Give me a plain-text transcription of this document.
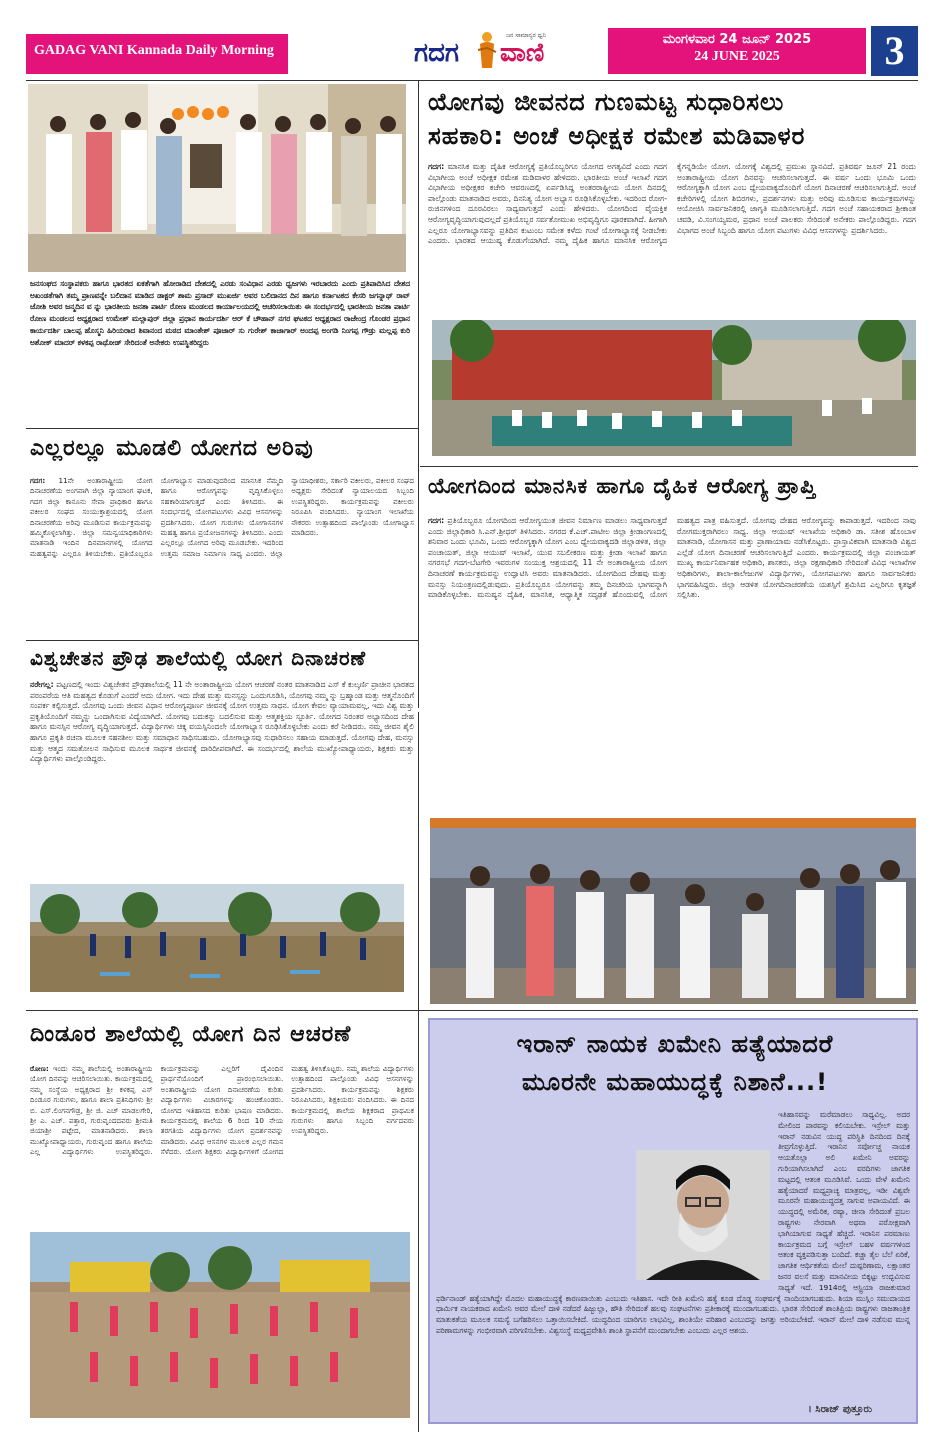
GADAG VANI Kannada Daily Morning	ಗದಗ ವಾಣಿ
ಜನ ಸಾಮಾನ್ಯರ ಧ್ವನಿ	ಮಂಗಳವಾರ 24 ಜೂನ್ 2025
24 JUNE 2025	3
ಜನಸಂಘದ ಸಂಸ್ಥಾಪಕರು ಹಾಗೂ ಭಾರತದ ಏಕತೆಗಾಗಿ ಹೋರಾಡಿದ ದೇಶದಲ್ಲಿ ಎರಡು ಸಂವಿಧಾನ ಎರಡು ಧ್ವಜಗಳು ಇರಬಾರದು ಎಂದು ಪ್ರತಿಪಾದಿಸಿದ ದೇಶದ ಅಖಂಡತೆಗಾಗಿ ತಮ್ಮ ಪ್ರಾಣವನ್ನೇ ಬಲಿದಾನ ಮಾಡಿದ ಡಾಕ್ಟರ್ ಶಾಮ ಪ್ರಸಾದ್ ಮುಖರ್ಜಿ ಅವರ ಬಲಿದಾನದ ದಿನ ಹಾಗೂ ಕರ್ನಾಟಕದ ಕೇಸರಿ ಜಗನ್ನಾಥ್ ರಾವ್ ಜೋಶಿ ಅವರ ಜನ್ಮದಿನ ವ ನ್ನು ಭಾರತೀಯ ಜನತಾ ಪಾರ್ಟಿ ರೋಣ ಮಂಡಲದ ಕಾರ್ಯಾಲಯದಲ್ಲಿ ಆಚರಿಸಲಾಯಿತು ಈ ಸಂದರ್ಭದಲ್ಲಿ ಭಾರತೀಯ ಜನತಾ ಪಾರ್ಟಿ ರೋಣ ಮಂಡಲದ ಅಧ್ಯಕ್ಷರಾದ ಉಮೇಶ್ ಮಲ್ಲಾಪುರ್ ಜಿಲ್ಲಾ ಪ್ರಧಾನ ಕಾರ್ಯದರ್ಶಿ ಆರ್ ಕೆ ಚೌಹಾನ್ ನಗರ ಘಟಕದ ಅಧ್ಯಕ್ಷರಾದ ರಾಜೇಂದ್ರ ಗೊಂಡರ ಪ್ರಧಾನ ಕಾರ್ಯದರ್ಶಿ ಬಾಲಪ್ಪ ಹೊಸ್ಮನಿ ಹಿರಿಯರಾದ ಶಿವಾನಂದ ಮಠದ ಮಾಂತೇಶ್ ಪೂಜಾರ್ ಸು ಗುರೇಶ್ ಕಾಜಾಗಾರ್ ಅಂದಪ್ಪ ಅಂಗಡಿ ನಿಂಗಪ್ಪ ಗೌಡ್ರು ಮಲ್ಲಪ್ಪ ಕುರಿ ಅಶೋಕ್ ಮಾದರ್ ಕಳಕಪ್ಪ ರಾಥೋಡ್ ಸೇರಿದಂತೆ ಅನೇಕರು ಉಪಸ್ಥಿತರಿದ್ದರು
ಯೋಗವು ಜೀವನದ ಗುಣಮಟ್ಟ ಸುಧಾರಿಸಲು
ಸಹಕಾರಿ: ಅಂಚೆ ಅಧೀಕ್ಷಕ ರಮೇಶ ಮಡಿವಾಳರ
ಗದಗ: ಮಾನಸಿಕ ಮತ್ತು ದೈಹಿಕ ಆರೋಗ್ಯಕ್ಕೆ ಪ್ರತಿಯೊಬ್ಬರಿಗೂ ಯೋಗದ ಅಗತ್ಯವಿದೆ ಎಂದು ಗದಗ ವಿಭಾಗೀಯ ಅಂಚೆ ಅಧೀಕ್ಷಕ ರಮೇಶ ಮಡಿವಾಳರ ಹೇಳಿದರು. ಭಾರತೀಯ ಅಂಚೆ ಇಲಾಖೆ ಗದಗ ವಿಭಾಗೀಯ ಅಧೀಕ್ಷಕರ ಕಚೇರಿ ಆವರಣದಲ್ಲಿ ಏರ್ಪಡಿಸಿದ್ದ ಅಂತರರಾಷ್ಟ್ರೀಯ ಯೋಗ ದಿನದಲ್ಲಿ ಪಾಲ್ಗೊಂಡು ಮಾತನಾಡಿದ ಅವರು, ದಿನನಿತ್ಯ ಯೋಗ ಅಭ್ಯಾಸ ರೂಢಿಸಿಕೊಳ್ಳಬೇಕು. ಇದರಿಂದ ರೋಗ-ರುಜಿನಗಳಿಂದ ದೂರವಿರಲು ಸಾಧ್ಯವಾಗುತ್ತದೆ ಎಂದು ಹೇಳಿದರು. ಯೋಗದಿಂದ ವೈಯಕ್ತಿಕ ಆರೋಗ್ಯವೃದ್ಧಿಯಾಗುವುದಲ್ಲದೆ ಪ್ರತಿಯೊಬ್ಬರ ಸರ್ವತೋಮುಖ ಅಭಿವೃದ್ಧಿಗೂ ಪೂರಕವಾಗಿದೆ. ಹೀಗಾಗಿ ಎಲ್ಲರೂ ಯೋಗಾಭ್ಯಾಸವನ್ನು ಪ್ರತಿದಿನ ಕುಟುಂಬ ಸಮೇತ ಕಳೆದು ಗಂಟೆ ಯೋಗಾಭ್ಯಾಸಕ್ಕೆ ನೀಡಬೇಕು ಎಂದರು. ಭಾರತದ ಆಯುಷ್ಯ ಕೊಡುಗೆಯಾಗಿದೆ. ನಮ್ಮ ದೈಹಿಕ ಹಾಗೂ ಮಾನಸಿಕ ಆರೋಗ್ಯದ ಕೈಗನ್ನಡಿಯೇ ಯೋಗ. ಯೋಗಕ್ಕೆ ವಿಶ್ವದಲ್ಲಿ ಪ್ರಮುಖ ಸ್ಥಾನವಿದೆ. ಪ್ರತಿವರ್ಷ ಜೂನ್ 21 ರಂದು ಅಂತಾರಾಷ್ಟ್ರೀಯ ಯೋಗ ದಿನವನ್ನು ಆಚರಿಸಲಾಗುತ್ತದೆ. ಈ ವರ್ಷ ಒಂದು ಭೂಮಿ ಒಂದು ಆರೋಗ್ಯಕ್ಕಾಗಿ ಯೋಗ ಎಂಬ ಧ್ಯೇಯವಾಕ್ಯದೊಂದಿಗೆ ಯೋಗ ದಿನಾಚರಣೆ ಆಚರಿಸಲಾಗುತ್ತಿದೆ. ಅಂಚೆ ಕಚೇರಿಗಳಲ್ಲಿ ಯೋಗ ಶಿಬಿರಗಳು, ಪ್ರದರ್ಶನಗಳು ಮತ್ತು ಅರಿವು ಮೂಡಿಸುವ ಕಾರ್ಯಕ್ರಮಗಳನ್ನು ಆಯೋಜಿಸಿ ಸಾರ್ವಜನಿಕರಲ್ಲಿ ಜಾಗೃತಿ ಮೂಡಿಸಲಾಗುತ್ತಿದೆ. ಗದಗ ಅಂಚೆ ಸಹಾಯಕರಾದ ಶ್ರೀಕಾಂತ ಚವಡಿ, ವಿ.ಸಂಗಯ್ಯಮಠ, ಪ್ರಧಾನ ಅಂಚೆ ಪಾಲಕರು ಸೇರಿದಂತೆ ಅನೇಕರು ಪಾಲ್ಗೊಂಡಿದ್ದರು. ಗದಗ ವಿಭಾಗದ ಅಂಚೆ ಸಿಬ್ಬಂದಿ ಹಾಗೂ ಯೋಗ ಪಟುಗಳು ವಿವಿಧ ಆಸನಗಳನ್ನು ಪ್ರದರ್ಶಿಸಿದರು.
ಎಲ್ಲರಲ್ಲೂ ಮೂಡಲಿ ಯೋಗದ ಅರಿವು
ಗದಗ: 11ನೇ ಅಂತಾರಾಷ್ಟ್ರೀಯ ಯೋಗ ದಿನಾಚರಣೆಯ ಅಂಗವಾಗಿ ಜಿಲ್ಲಾ ನ್ಯಾಯಾಂಗ ಘಟಕ, ಗದಗ ಜಿಲ್ಲಾ ಕಾನೂನು ಸೇವಾ ಪ್ರಾಧಿಕಾರ ಹಾಗೂ ವಕೀಲರ ಸಂಘದ ಸಂಯುಕ್ತಾಶ್ರಯದಲ್ಲಿ ಯೋಗ ದಿನಾಚರಣೆಯ ಅರಿವು ಮೂಡಿಸುವ ಕಾರ್ಯಕ್ರಮವನ್ನು ಹಮ್ಮಿಕೊಳ್ಳಲಾಗಿತ್ತು. ಜಿಲ್ಲಾ ಸಮನ್ವಯಾಧಿಕಾರಿಗಳು ಮಾತನಾಡಿ ಇಂದಿನ ದಿನಮಾನಗಳಲ್ಲಿ ಯೋಗದ ಮಹತ್ವವನ್ನು ಎಲ್ಲರೂ ತಿಳಿಯಬೇಕು. ಪ್ರತಿಯೊಬ್ಬರೂ ಯೋಗಾಭ್ಯಾಸ ಮಾಡುವುದರಿಂದ ಮಾನಸಿಕ ನೆಮ್ಮದಿ ಹಾಗೂ ಆರೋಗ್ಯವನ್ನು ವೃದ್ಧಿಸಿಕೊಳ್ಳಲು ಸಹಕಾರಿಯಾಗುತ್ತದೆ ಎಂದು ತಿಳಿಸಿದರು. ಈ ಸಂದರ್ಭದಲ್ಲಿ ಯೋಗಪಟುಗಳು ವಿವಿಧ ಆಸನಗಳನ್ನು ಪ್ರದರ್ಶಿಸಿದರು. ಯೋಗ ಗುರುಗಳು ಯೋಗಾಸನಗಳ ಮಹತ್ವ ಹಾಗೂ ಪ್ರಯೋಜನಗಳನ್ನು ತಿಳಿಸಿದರು. ಎಂದು ಎಲ್ಲರಲ್ಲೂ ಯೋಗದ ಅರಿವು ಮೂಡಬೇಕು. ಇದರಿಂದ ಉತ್ತಮ ಸಮಾಜ ನಿರ್ಮಾಣ ಸಾಧ್ಯ ಎಂದರು. ಜಿಲ್ಲಾ ನ್ಯಾಯಾಧೀಶರು, ಸರ್ಕಾರಿ ವಕೀಲರು, ವಕೀಲರ ಸಂಘದ ಅಧ್ಯಕ್ಷರು ಸೇರಿದಂತೆ ನ್ಯಾಯಾಲಯದ ಸಿಬ್ಬಂದಿ ಉಪಸ್ಥಿತರಿದ್ದರು. ಕಾರ್ಯಕ್ರಮವನ್ನು ವಕೀಲರು ನಿರೂಪಿಸಿ ವಂದಿಸಿದರು. ನ್ಯಾಯಾಂಗ ಇಲಾಖೆಯ ನೌಕರರು ಉತ್ಸಾಹದಿಂದ ಪಾಲ್ಗೊಂಡು ಯೋಗಾಭ್ಯಾಸ ಮಾಡಿದರು.
ವಿಶ್ವಚೇತನ ಪ್ರೌಢ ಶಾಲೆಯಲ್ಲಿ ಯೋಗ ದಿನಾಚರಣೆ
ನರೇಗಲ್ಲ: ಪಟ್ಟಣದಲ್ಲಿ ಇಂದು ವಿಶ್ವಚೇತನ ಪ್ರೌಢಶಾಲೆಯಲ್ಲಿ 11 ನೇ ಅಂತಾರಾಷ್ಟ್ರೀಯ ಯೋಗ ಆಚರಣೆ ನಂತರ ಮಾತನಾಡಿದ ಎಸ್ ಕೆ ಕುಲ್ಕರ್ಣಿ ಪ್ರಾಚೀನ ಭಾರತದ ಪರಂಪರೆಯ ಆತಿ ಮಹತ್ವದ ಕೊಡುಗೆ ಎಂದರೆ ಅದು ಯೋಗ. ಇದು ದೇಹ ಮತ್ತು ಮನಸ್ಸನ್ನು ಒಂದುಗೂಡಿಸಿ, ಯೋಗವು ನಮ್ಮ ನ್ನು ಬ್ರಹ್ಮಾಂಡ ಮತ್ತು ಆತ್ಮನೊಂದಿಗೆ ಸಂಪರ್ಕ ಕಲ್ಪಿಸುತ್ತದೆ. ಯೋಗವು ಒಂದು ಜೀವನ ವಿಧಾನ ಆರೋಗ್ಯಪೂರ್ಣ ಜೀವನಕ್ಕೆ ಯೋಗ ಉತ್ತಮ ಸಾಧನ. ಯೋಗ ಕೇವಲ ವ್ಯಾಯಾಮವಲ್ಲ, ಇದು ವಿಶ್ವ ಮತ್ತು ಪ್ರಕೃತಿಯೊಂದಿಗೆ ನಮ್ಮನ್ನು ಒಂದಾಗಿಸುವ ವಿದ್ಯೆಯಾಗಿದೆ. ಯೋಗವು ಬದುಕನ್ನು ಬದಲಿಸುವ ಮತ್ತು ಆತ್ಮಶಕ್ತಿಯ ಸ್ಫೂರ್ತಿ. ಯೋಗದ ನಿರಂತರ ಅಭ್ಯಾಸದಿಂದ ದೇಹ ಹಾಗೂ ಮನಸ್ಸಿನ ಆರೋಗ್ಯ ವೃದ್ಧಿಯಾಗುತ್ತದೆ. ವಿದ್ಯಾರ್ಥಿಗಳು ಚಿಕ್ಕ ವಯಸ್ಸಿನಿಂದಲೇ ಯೋಗಾಭ್ಯಾಸ ರೂಢಿಸಿಕೊಳ್ಳಬೇಕು ಎಂದು ಕರೆ ನೀಡಿದರು. ನಮ್ಮ ಜೀವನ ಶೈಲಿ ಹಾಗೂ ಪ್ರಕೃತಿ ರಚನಾ ಮೂಲಕ ಸಹನಶೀಲ ಮತ್ತು ಸಮಾಧಾನ ಸಾಧಿಸಬಹುದು. ಯೋಗಾಭ್ಯಾಸವು ಸುಧಾರಿಸಲು ಸಹಾಯ ಮಾಡುತ್ತದೆ. ಯೋಗವು ದೇಹ, ಮನಸ್ಸು ಮತ್ತು ಆತ್ಮದ ಸಮತೋಲನ ಸಾಧಿಸುವ ಮೂಲಕ ಸಾರ್ಥಕ ಜೀವನಕ್ಕೆ ದಾರಿದೀಪವಾಗಿದೆ. ಈ ಸಂದರ್ಭದಲ್ಲಿ ಶಾಲೆಯ ಮುಖ್ಯೋಪಾಧ್ಯಾಯರು, ಶಿಕ್ಷಕರು ಮತ್ತು ವಿದ್ಯಾರ್ಥಿಗಳು ಪಾಲ್ಗೊಂಡಿದ್ದರು.
ಯೋಗದಿಂದ ಮಾನಸಿಕ ಹಾಗೂ ದೈಹಿಕ ಆರೋಗ್ಯ ಪ್ರಾಪ್ತಿ
ಗದಗ: ಪ್ರತಿಯೊಬ್ಬರೂ ಯೋಗದಿಂದ ಆರೋಗ್ಯಯುತ ಜೀವನ ನಿರ್ಮಾಣ ಮಾಡಲು ಸಾಧ್ಯವಾಗುತ್ತದೆ ಎಂದು ಜಿಲ್ಲಾಧಿಕಾರಿ ಸಿ.ಎನ್.ಶ್ರೀಧರ್ ತಿಳಿಸಿದರು. ನಗರದ ಕೆ.ಎಚ್.ಪಾಟೀಲ ಜಿಲ್ಲಾ ಕ್ರೀಡಾಂಗಣದಲ್ಲಿ ಶನಿವಾರ ಒಂದು ಭೂಮಿ, ಒಂದು ಆರೋಗ್ಯಕ್ಕಾಗಿ ಯೋಗ ಎಂಬ ಧ್ಯೇಯವಾಕ್ಯದಡಿ ಜಿಲ್ಲಾಡಳಿತ, ಜಿಲ್ಲಾ ಪಂಚಾಯತ್, ಜಿಲ್ಲಾ ಆಯುಷ್ ಇಲಾಖೆ, ಯುವ ಸಬಲೀಕರಣ ಮತ್ತು ಕ್ರೀಡಾ ಇಲಾಖೆ ಹಾಗೂ ನಗರಸಭೆ ಗದಗ-ಬೆಟಗೇರಿ ಇವರುಗಳ ಸಂಯುಕ್ತ ಆಶ್ರಯದಲ್ಲಿ 11 ನೇ ಅಂತಾರಾಷ್ಟ್ರೀಯ ಯೋಗ ದಿನಾಚರಣೆ ಕಾರ್ಯಕ್ರಮವನ್ನು ಉದ್ಘಾಟಿಸಿ ಅವರು ಮಾತನಾಡಿದರು. ಯೋಗದಿಂದ ದೇಹವು ಮತ್ತು ಮನಸ್ಸು ನಿಯಂತ್ರಣದಲ್ಲಿಡುವುದು. ಪ್ರತಿಯೊಬ್ಬರೂ ಯೋಗವನ್ನು ತಮ್ಮ ದಿನಚರಿಯ ಭಾಗವನ್ನಾಗಿ ಮಾಡಿಕೊಳ್ಳಬೇಕು. ಮನುಷ್ಯನ ದೈಹಿಕ, ಮಾನಸಿಕ, ಆಧ್ಯಾತ್ಮಿಕ ಸದೃಢತೆ ಹೊಂದುವಲ್ಲಿ ಯೋಗ ಮಹತ್ವದ ಪಾತ್ರ ವಹಿಸುತ್ತದೆ. ಯೋಗವು ದೇಹದ ಆರೋಗ್ಯವನ್ನು ಕಾಪಾಡುತ್ತದೆ. ಇದರಿಂದ ನಾವು ರೋಗಮುಕ್ತರಾಗಿರಲು ಸಾಧ್ಯ. ಜಿಲ್ಲಾ ಆಯುಷ್ ಇಲಾಖೆಯ ಅಧಿಕಾರಿ ಡಾ. ಸತೀಶ ಹೊಂಬಾಳ ಮಾತನಾಡಿ, ಯೋಗಾಸನ ಮತ್ತು ಪ್ರಾಣಾಯಾಮ ನಡೆಸಿಕೊಟ್ಟರು. ಪ್ರಾಸ್ತಾವಿಕವಾಗಿ ಮಾತನಾಡಿ ವಿಶ್ವದ ಎಲ್ಲೆಡೆ ಯೋಗ ದಿನಾಚರಣೆ ಆಚರಿಸಲಾಗುತ್ತಿದೆ ಎಂದರು. ಕಾರ್ಯಕ್ರಮದಲ್ಲಿ ಜಿಲ್ಲಾ ಪಂಚಾಯತ್ ಮುಖ್ಯ ಕಾರ್ಯನಿರ್ವಾಹಕ ಅಧಿಕಾರಿ, ಶಾಸಕರು, ಜಿಲ್ಲಾ ರಕ್ಷಣಾಧಿಕಾರಿ ಸೇರಿದಂತೆ ವಿವಿಧ ಇಲಾಖೆಗಳ ಅಧಿಕಾರಿಗಳು, ಶಾಲಾ-ಕಾಲೇಜುಗಳ ವಿದ್ಯಾರ್ಥಿಗಳು, ಯೋಗಪಟುಗಳು ಹಾಗೂ ಸಾರ್ವಜನಿಕರು ಭಾಗವಹಿಸಿದ್ದರು. ಜಿಲ್ಲಾ ಆಡಳಿತ ಯೋಗದಿನಾಚರಣೆಯ ಯಶಸ್ಸಿಗೆ ಶ್ರಮಿಸಿದ ಎಲ್ಲರಿಗೂ ಕೃತಜ್ಞತೆ ಸಲ್ಲಿಸಿತು.
ದಿಂಡೂರ ಶಾಲೆಯಲ್ಲಿ ಯೋಗ ದಿನ ಆಚರಣೆ
ರೋಣ: ಇಂದು ನಮ್ಮ ಶಾಲೆಯಲ್ಲಿ ಅಂತಾರಾಷ್ಟ್ರೀಯ ಯೋಗ ದಿನವನ್ನು ಆಚರಿಸಲಾಯಿತು. ಕಾರ್ಯಕ್ರಮದಲ್ಲಿ ನಮ್ಮ ಸಂಸ್ಥೆಯ ಅಧ್ಯಕ್ಷರಾದ ಶ್ರೀ ಕಳಕಪ್ಪ ಎಸ್ ದಿಂಡೂರ ಗುರುಗಳು, ಹಾಗೂ ಶಾಲಾ ಪ್ರತಿನಿಧಿಗಳು ಶ್ರೀ ಬಿ. ಎಸ್.ಲಿಂಗನಗೌಡ್ರ, ಶ್ರೀ ಜಿ. ಎಚ್ ಮಾಡಲಗೇರಿ, ಶ್ರೀ ಎ. ಎಚ್. ಪತ್ತಾರ, ಗುರುವೃಂದದವರು ಶ್ರೀಮತಿ ಜಿಯಾಶ್ರೀ ಪಟ್ಟೇದ, ಮಾತನಾಡಿದರು. ಶಾಲಾ ಮುಖ್ಯೋಪಾಧ್ಯಾಯರು, ಗುರುವೃಂದ ಹಾಗೂ ಶಾಲೆಯ ಎಲ್ಲ ವಿದ್ಯಾರ್ಥಿಗಳು ಉಪಸ್ಥಿತರಿದ್ದರು. ಕಾರ್ಯಕ್ರಮವನ್ನು ಎಲ್ಲರಿಗೆ ದೈವಿಂದಿನ ಪ್ರಾರ್ಥನೆಯೊಂದಿಗೆ ಪ್ರಾರಂಭಿಸಲಾಯಿತು. ಅಂತಾರಾಷ್ಟ್ರೀಯ ಯೋಗ ದಿನಾಚರಣೆಯ ಕುರಿತು ವಿದ್ಯಾರ್ಥಿಗಳು ವಿಚಾರಗಳನ್ನು ಹಂಚಿಕೊಂಡರು. ಯೋಗದ ಇತಿಹಾಸದ ಕುರಿತು ಭಾಷಣ ಮಾಡಿದರು. ಕಾರ್ಯಕ್ರಮದಲ್ಲಿ ಶಾಲೆಯ 6 ರಿಂದ 10 ನೇಯ ತರಗತಿಯ ವಿದ್ಯಾರ್ಥಿಗಳು ಯೋಗ ಪ್ರದರ್ಶನವನ್ನು ಮಾಡಿದರು. ವಿವಿಧ ಆಸನಗಳ ಮೂಲಕ ಎಲ್ಲರ ಗಮನ ಸೆಳೆದರು. ಯೋಗ ಶಿಕ್ಷಕರು ವಿದ್ಯಾರ್ಥಿಗಳಿಗೆ ಯೋಗದ ಮಹತ್ವ ತಿಳಿಸಿಕೊಟ್ಟರು. ನಮ್ಮ ಶಾಲೆಯ ವಿದ್ಯಾರ್ಥಿಗಳು ಉತ್ಸಾಹದಿಂದ ಪಾಲ್ಗೊಂಡು ವಿವಿಧ ಆಸನಗಳನ್ನು ಪ್ರದರ್ಶಿಸಿದರು. ಕಾರ್ಯಕ್ರಮವನ್ನು ಶಿಕ್ಷಕರು ನಿರೂಪಿಸಿದರು, ಶಿಕ್ಷಕಿಯರು ವಂದಿಸಿದರು. ಈ ದಿನದ ಕಾರ್ಯಕ್ರಮದಲ್ಲಿ ಶಾಲೆಯ ಶಿಕ್ಷಕರಾದ ಪ್ರಾಥಮಿಕ ಗುರುಗಳು ಹಾಗೂ ಸಿಬ್ಬಂದಿ ವರ್ಗದವರು ಉಪಸ್ಥಿತರಿದ್ದರು.
ಇರಾನ್ ನಾಯಕ ಖಮೇನಿ ಹತ್ಯೆಯಾದರೆ
ಮೂರನೇ ಮಹಾಯುದ್ಧಕ್ಕೆ ನಿಶಾನೆ...!
ಇತಿಹಾಸವನ್ನು ಮರೆಮಾಡಲು ಸಾಧ್ಯವಿಲ್ಲ. ಅದರ ಮೇಲಿಂದ ಪಾಠವನ್ನು ಕಲಿಯಬೇಕು. ಇಸ್ರೇಲ್ ಮತ್ತು ಇರಾನ್ ನಡುವಿನ ಯುದ್ಧ ಪರಿಸ್ಥಿತಿ ದಿನದಿಂದ ದಿನಕ್ಕೆ ತೀವ್ರಗೊಳ್ಳುತ್ತಿದೆ. ಇರಾನಿನ ಸರ್ವೋಚ್ಚ ನಾಯಕ ಆಯತೊಲ್ಲಾ ಅಲಿ ಖಮೇನಿ ಅವರನ್ನು ಗುರಿಯಾಗಿಸಲಾಗಿದೆ ಎಂಬ ವರದಿಗಳು ಜಾಗತಿಕ ಮಟ್ಟದಲ್ಲಿ ಆತಂಕ ಮೂಡಿಸಿವೆ. ಒಂದು ವೇಳೆ ಖಮೇನಿ ಹತ್ಯೆಯಾದರೆ ಮಧ್ಯಪ್ರಾಚ್ಯ ಮಾತ್ರವಲ್ಲ, ಇಡೀ ವಿಶ್ವವೇ ಮೂರನೇ ಮಹಾಯುದ್ಧದತ್ತ ಸಾಗುವ ಅಪಾಯವಿದೆ. ಈ ಯುದ್ಧದಲ್ಲಿ ಅಮೆರಿಕ, ರಷ್ಯಾ, ಚೀನಾ ಸೇರಿದಂತೆ ಪ್ರಬಲ ರಾಷ್ಟ್ರಗಳು ನೇರವಾಗಿ ಅಥವಾ ಪರೋಕ್ಷವಾಗಿ ಭಾಗಿಯಾಗುವ ಸಾಧ್ಯತೆ ಹೆಚ್ಚಿದೆ. ಇರಾನಿನ ಪರಮಾಣು ಕಾರ್ಯಕ್ರಮದ ಬಗ್ಗೆ ಇಸ್ರೇಲ್ ಬಹಳ ವರ್ಷಗಳಿಂದ ಆತಂಕ ವ್ಯಕ್ತಪಡಿಸುತ್ತಾ ಬಂದಿದೆ. ಕಚ್ಚಾ ತೈಲ ಬೆಲೆ ಏರಿಕೆ, ಜಾಗತಿಕ ಆರ್ಥಿಕತೆಯ ಮೇಲೆ ದುಷ್ಪರಿಣಾಮ, ಲಕ್ಷಾಂತರ ಜನರ ವಲಸೆ ಮತ್ತು ಮಾನವೀಯ ಬಿಕ್ಕಟ್ಟು ಉದ್ಭವಿಸುವ ಸಾಧ್ಯತೆ ಇದೆ. 1914ರಲ್ಲಿ ಆಸ್ಟ್ರಿಯಾ ರಾಜಕುಮಾರ ಫರ್ಡಿನಾಂಡ್ ಹತ್ಯೆಯಾಗಿದ್ದೇ ಮೊದಲ ಮಹಾಯುದ್ಧಕ್ಕೆ ಕಾರಣವಾಯಿತು ಎಂಬುದು ಇತಿಹಾಸ. ಇದೇ ರೀತಿ ಖಮೇನಿ ಹತ್ಯೆ ಕೂಡ ದೊಡ್ಡ ಸಂಘರ್ಷಕ್ಕೆ ನಾಂದಿಯಾಗಬಹುದು. ಶಿಯಾ ಮುಸ್ಲಿಂ ಸಮುದಾಯದ ಧಾರ್ಮಿಕ ನಾಯಕರಾದ ಖಮೇನಿ ಅವರ ಮೇಲೆ ದಾಳಿ ನಡೆದರೆ ಹಿಜ್ಬುಲ್ಲಾ, ಹೌತಿ ಸೇರಿದಂತೆ ಹಲವು ಸಂಘಟನೆಗಳು ಪ್ರತೀಕಾರಕ್ಕೆ ಮುಂದಾಗಬಹುದು. ಭಾರತ ಸೇರಿದಂತೆ ಶಾಂತಿಪ್ರಿಯ ರಾಷ್ಟ್ರಗಳು ರಾಜತಾಂತ್ರಿಕ ಮಾತುಕತೆಯ ಮೂಲಕ ಸಮಸ್ಯೆ ಬಗೆಹರಿಸಲು ಒತ್ತಾಯಿಸಬೇಕಿದೆ. ಯುದ್ಧದಿಂದ ಯಾರಿಗೂ ಲಾಭವಿಲ್ಲ, ಶಾಂತಿಯೇ ಪರಿಹಾರ ಎಂಬುದನ್ನು ಜಗತ್ತು ಅರಿಯಬೇಕಿದೆ. ಇರಾನ್ ಮೇಲೆ ದಾಳಿ ನಡೆಸುವ ಮುನ್ನ ಪರಿಣಾಮಗಳನ್ನು ಗಂಭೀರವಾಗಿ ಪರಿಗಣಿಸಬೇಕು. ವಿಶ್ವಸಂಸ್ಥೆ ಮಧ್ಯಪ್ರವೇಶಿಸಿ ಶಾಂತಿ ಸ್ಥಾಪನೆಗೆ ಮುಂದಾಗಬೇಕು ಎಂಬುದು ಎಲ್ಲರ ಆಶಯ.
। ಸಿರಾಜ್ ಪುತ್ತೂರು
